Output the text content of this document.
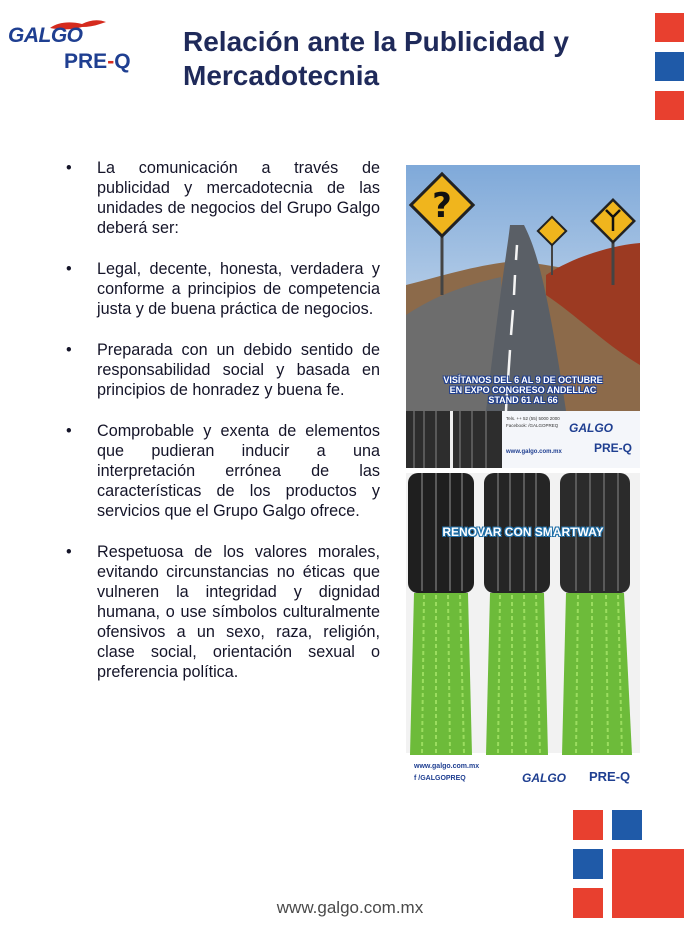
GALGO
PRE-Q
Relación ante la Publicidad y Mercadotecnia
• La comunicación a través de publicidad y mercadotecnia de las unidades de negocios del Grupo Galgo deberá ser:
• Legal, decente, honesta, verdadera y conforme a principios de competencia justa y de buena práctica de negocios.
• Preparada con un debido sentido de responsabilidad social y basada en principios de honradez y buena fe.
• Comprobable y exenta de elementos que pudieran inducir a una interpretación errónea de las características de los productos y servicios que el Grupo Galgo ofrece.
• Respetuosa de los valores morales, evitando circunstancias no éticas que vulneren la integridad y dignidad humana, o use símbolos culturalmente ofensivos a un sexo, raza, religión, clase social, orientación sexual o preferencia política.
?
VISÍTANOS DEL 6 AL 9 DE OCTUBRE
EN EXPO CONGRESO ANDELLAC
STAND 61 AL 66
Tels. ++ 52 (55) 5000 2000
Facebook: /GALGOPREQ
www.galgo.com.mx
GALGO
PRE-Q
RENOVAR CON SMARTWAY
www.galgo.com.mx
f /GALGOPREQ	GALGO PRE-Q
www.galgo.com.mx
